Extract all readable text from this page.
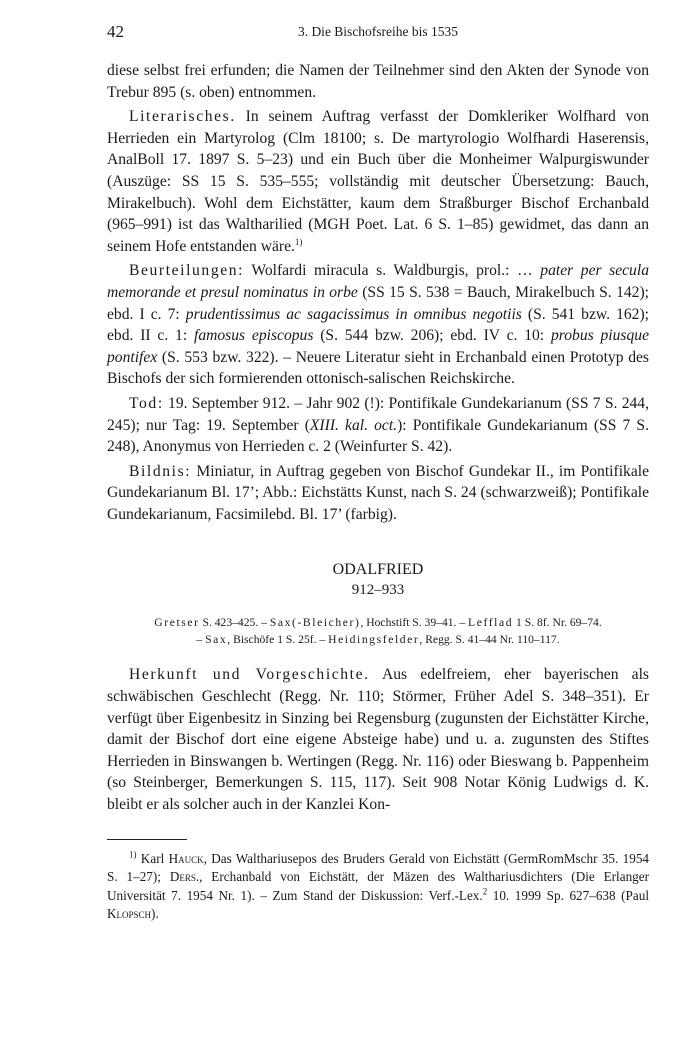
42	3. Die Bischofsreihe bis 1535

diese selbst frei erfunden; die Namen der Teilnehmer sind den Akten der Synode von Trebur 895 (s. oben) entnommen.

Literarisches. In seinem Auftrag verfasst der Domkleriker Wolfhard von Herrieden ein Martyrolog (Clm 18100; s. De martyrologio Wolfhardi Haserensis, AnalBoll 17. 1897 S. 5–23) und ein Buch über die Monheimer Walpurgiswunder (Auszüge: SS 15 S. 535–555; vollständig mit deutscher Übersetzung: Bauch, Mirakelbuch). Wohl dem Eichstätter, kaum dem Straßburger Bischof Erchanbald (965–991) ist das Waltharilied (MGH Poet. Lat. 6 S. 1–85) gewidmet, das dann an seinem Hofe entstanden wäre.$^{1)}$

Beurteilungen: Wolfardi miracula s. Waldburgis, prol.: … pater per secula memorande et presul nominatus in orbe (SS 15 S. 538 = Bauch, Mirakelbuch S. 142); ebd. I c. 7: prudentissimus ac sagacissimus in omnibus negotiis (S. 541 bzw. 162); ebd. II c. 1: famosus episcopus (S. 544 bzw. 206); ebd. IV c. 10: probus piusque pontifex (S. 553 bzw. 322). – Neuere Literatur sieht in Erchanbald einen Prototyp des Bischofs der sich formierenden ottonisch-salischen Reichskirche.

Tod: 19. September 912. – Jahr 902 (!): Pontifikale Gundekarianum (SS 7 S. 244, 245); nur Tag: 19. September (XIII. kal. oct.): Pontifikale Gundekarianum (SS 7 S. 248), Anonymus von Herrieden c. 2 (Weinfurter S. 42).

Bildnis: Miniatur, in Auftrag gegeben von Bischof Gundekar II., im Pontifikale Gundekarianum Bl. 17’; Abb.: Eichstätts Kunst, nach S. 24 (schwarzweiß); Pontifikale Gundekarianum, Facsimilebd. Bl. 17’ (farbig).

ODALFRIED
912–933
Gretser S. 423–425. – Sax(-Bleicher), Hochstift S. 39–41. – Lefflad 1 S. 8f. Nr. 69–74.
– Sax, Bischöfe 1 S. 25f. – Heidingsfelder, Regg. S. 41–44 Nr. 110–117.

Herkunft und Vorgeschichte. Aus edelfreiem, eher bayerischen als schwäbischen Geschlecht (Regg. Nr. 110; Störmer, Früher Adel S. 348–351). Er verfügt über Eigenbesitz in Sinzing bei Regensburg (zugunsten der Eichstätter Kirche, damit der Bischof dort eine eigene Absteige habe) und u. a. zugunsten des Stiftes Herrieden in Binswangen b. Wertingen (Regg. Nr. 116) oder Bieswang b. Pappenheim (so Steinberger, Bemerkungen S. 115, 117). Seit 908 Notar König Ludwigs d. K. bleibt er als solcher auch in der Kanzlei Kon-

$^{1)}$ Karl Hauck, Das Walthariusepos des Bruders Gerald von Eichstätt (GermRomMschr 35. 1954 S. 1–27); Ders., Erchanbald von Eichstätt, der Mäzen des Walthariusdichters (Die Erlanger Universität 7. 1954 Nr. 1). – Zum Stand der Diskussion: Verf.-Lex.$^2$ 10. 1999 Sp. 627–638 (Paul Klopsch).
